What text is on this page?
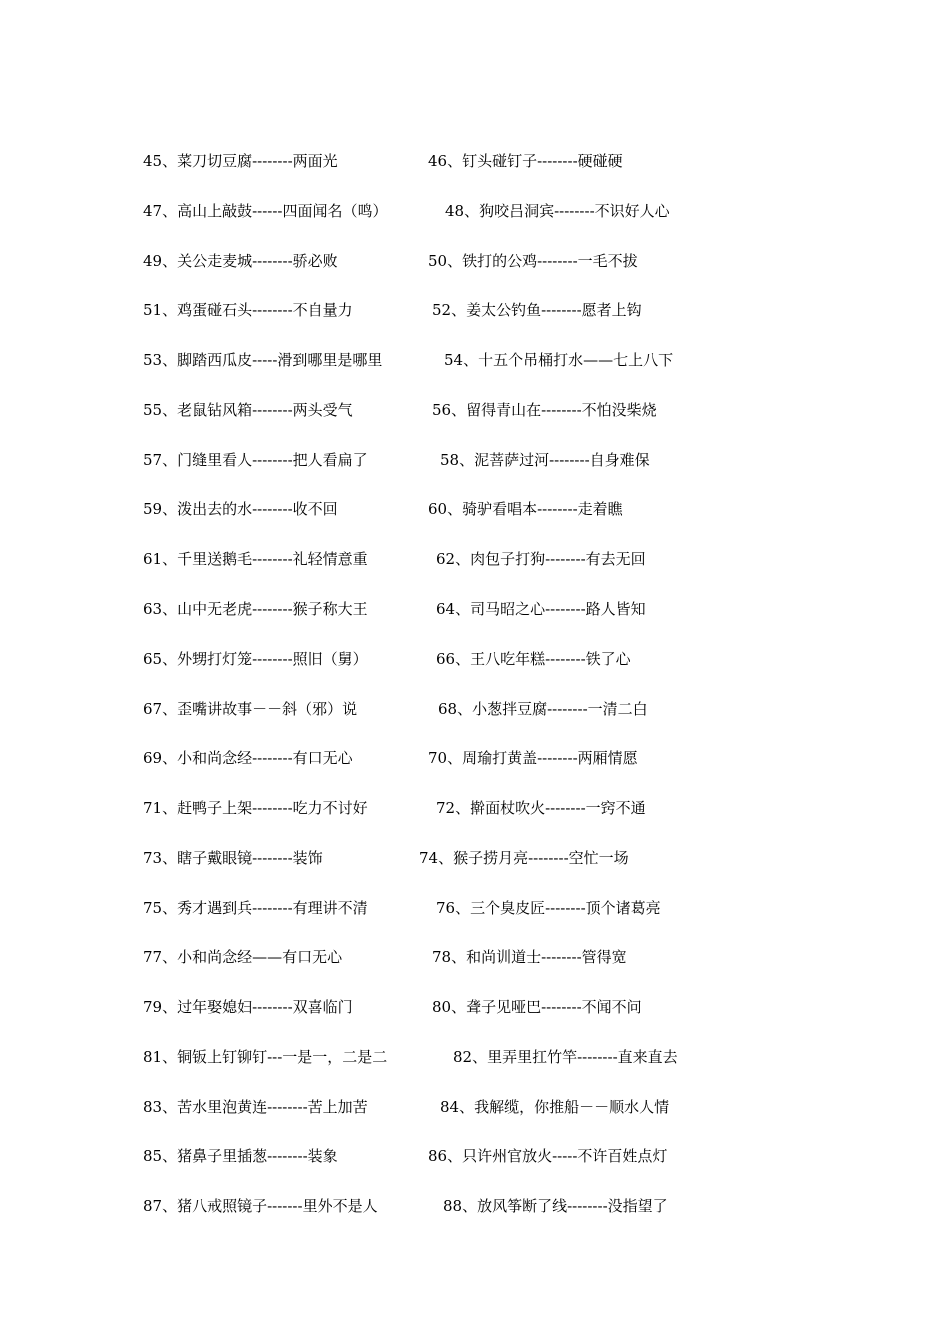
45、菜刀切豆腐--------两面光	46、钉头碰钉子--------硬碰硬
47、高山上敲鼓------四面闻名（鸣）	48、狗咬吕洞宾--------不识好人心
49、关公走麦城--------骄必败	50、铁打的公鸡--------一毛不拔
51、鸡蛋碰石头--------不自量力	52、姜太公钓鱼--------愿者上钩
53、脚踏西瓜皮-----滑到哪里是哪里	54、十五个吊桶打水——七上八下
55、老鼠钻风箱--------两头受气	56、留得青山在--------不怕没柴烧
57、门缝里看人--------把人看扁了	58、泥菩萨过河--------自身难保
59、泼出去的水--------收不回	60、骑驴看唱本--------走着瞧
61、千里送鹅毛--------礼轻情意重	62、肉包子打狗--------有去无回
63、山中无老虎--------猴子称大王	64、司马昭之心--------路人皆知
65、外甥打灯笼--------照旧（舅）	66、王八吃年糕--------铁了心
67、歪嘴讲故事－－斜（邪）说	68、小葱拌豆腐--------一清二白
69、小和尚念经--------有口无心	70、周瑜打黄盖--------两厢情愿
71、赶鸭子上架--------吃力不讨好	72、擀面杖吹火--------一窍不通
73、瞎子戴眼镜--------装饰	74、猴子捞月亮--------空忙一场
75、秀才遇到兵--------有理讲不清	76、三个臭皮匠--------顶个诸葛亮
77、小和尚念经——有口无心	78、和尚训道士--------管得宽
79、过年娶媳妇--------双喜临门	80、聋子见哑巴--------不闻不问
81、铜钣上钉铆钉---一是一，二是二	82、里弄里扛竹竿--------直来直去
83、苦水里泡黄连--------苦上加苦	84、我解缆，你推船－－顺水人情
85、猪鼻子里插葱--------装象	86、只许州官放火-----不许百姓点灯
87、猪八戒照镜子-------里外不是人	88、放风筝断了线--------没指望了
